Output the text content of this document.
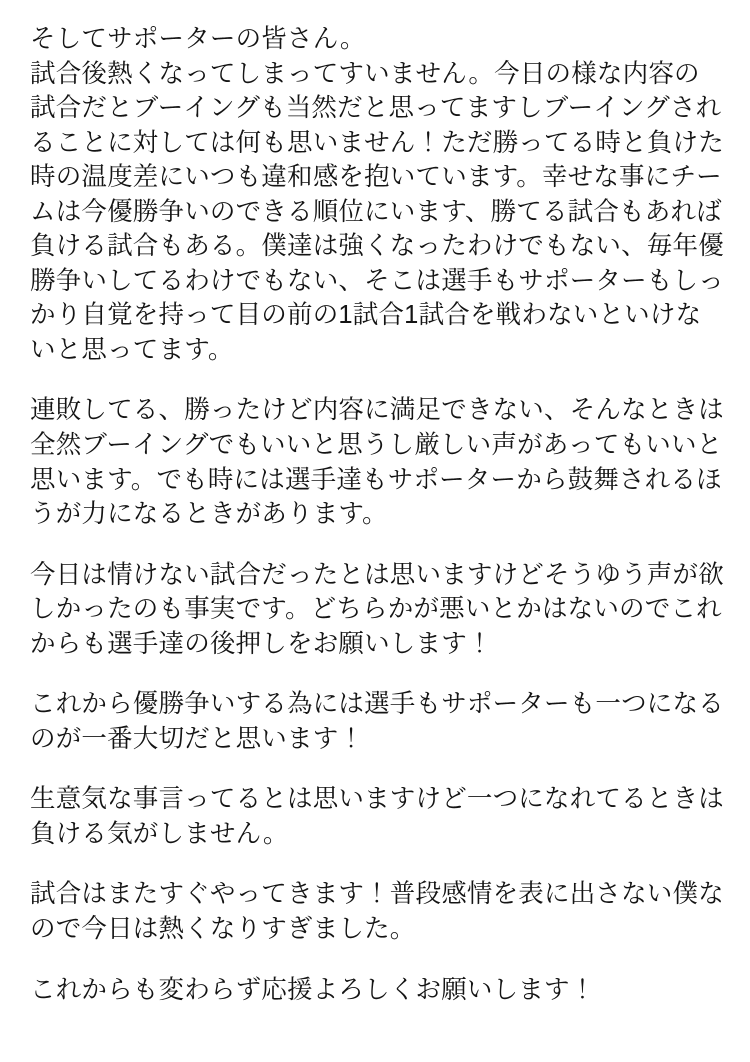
そしてサポーターの皆さん。

試合後熱くなってしまってすいません。今日の様な内容の試合だとブーイングも当然だと思ってますしブーイングされることに対しては何も思いません！ただ勝ってる時と負けた時の温度差にいつも違和感を抱いています。幸せな事にチームは今優勝争いのできる順位にいます、勝てる試合もあれば負ける試合もある。僕達は強くなったわけでもない、毎年優勝争いしてるわけでもない、そこは選手もサポーターもしっかり自覚を持って目の前の1試合1試合を戦わないといけないと思ってます。

連敗してる、勝ったけど内容に満足できない、そんなときは全然ブーイングでもいいと思うし厳しい声があってもいいと思います。でも時には選手達もサポーターから鼓舞されるほうが力になるときがあります。

今日は情けない試合だったとは思いますけどそうゆう声が欲しかったのも事実です。どちらかが悪いとかはないのでこれからも選手達の後押しをお願いします！

これから優勝争いする為には選手もサポーターも一つになるのが一番大切だと思います！

生意気な事言ってるとは思いますけど一つになれてるときは負ける気がしません。

試合はまたすぐやってきます！普段感情を表に出さない僕なので今日は熱くなりすぎました。

これからも変わらず応援よろしくお願いします！
